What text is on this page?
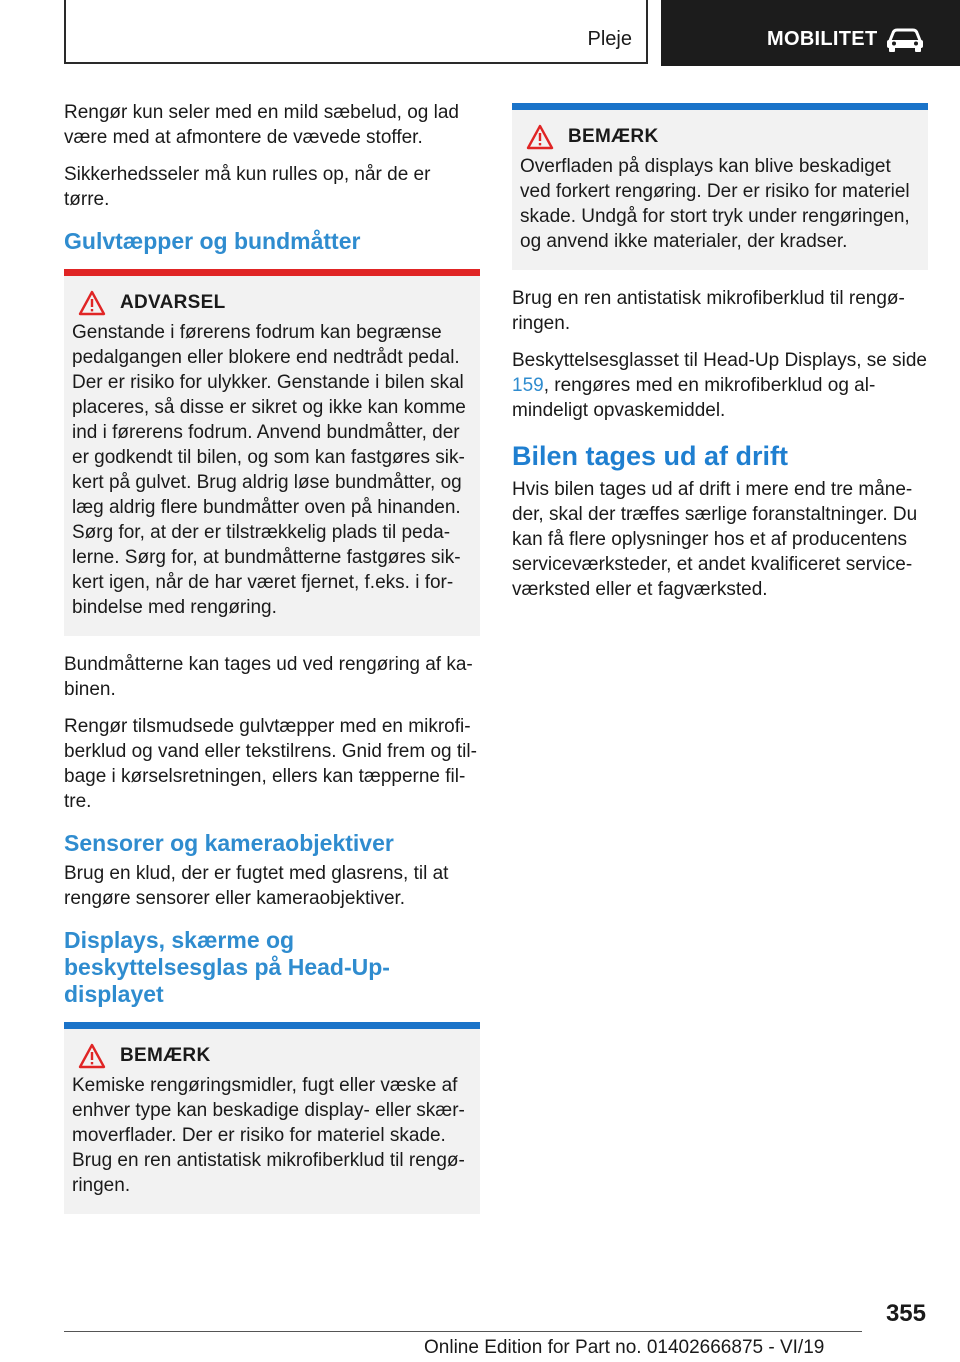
Pleje	MOBILITET

Rengør kun seler med en mild sæbelud, og lad være med at afmontere de vævede stoffer.

Sikkerhedsseler må kun rulles op, når de er tørre.

Gulvtæpper og bundmåtter
ADVARSEL

Genstande i førerens fodrum kan begrænse pedalgangen eller blokere end nedtrådt pedal. Der er risiko for ulykker. Genstande i bilen skal placeres, så disse er sikret og ikke kan komme ind i førerens fodrum. Anvend bundmåtter, der er godkendt til bilen, og som kan fastgøres sikkert på gulvet. Brug aldrig løse bundmåtter, og læg aldrig flere bundmåtter oven på hinanden. Sørg for, at der er tilstrækkelig plads til pedalerne. Sørg for, at bundmåtterne fastgøres sikkert igen, når de har været fjernet, f.eks. i forbindelse med rengøring.

Bundmåtterne kan tages ud ved rengøring af kabinen.

Rengør tilsmudsede gulvtæpper med en mikrofiberklud og vand eller tekstilrens. Gnid frem og tilbage i kørselsretningen, ellers kan tæpperne filtre.

Sensorer og kameraobjektiver

Brug en klud, der er fugtet med glasrens, til at rengøre sensorer eller kameraobjektiver.

Displays, skærme og beskyttelsesglas på Head-Up-displayet
BEMÆRK

Kemiske rengøringsmidler, fugt eller væske af enhver type kan beskadige display- eller skærmoverflader. Der er risiko for materiel skade. Brug en ren antistatisk mikrofiberklud til rengøringen.

BEMÆRK

Overfladen på displays kan blive beskadiget ved forkert rengøring. Der er risiko for materiel skade. Undgå for stort tryk under rengøringen, og anvend ikke materialer, der kradser.

Brug en ren antistatisk mikrofiberklud til rengøringen.

Beskyttelsesglasset til Head-Up Displays, se side 159, rengøres med en mikrofiberklud og almindeligt opvaskemiddel.

Bilen tages ud af drift

Hvis bilen tages ud af drift i mere end tre måneder, skal der træffes særlige foranstaltninger. Du kan få flere oplysninger hos et af producentens serviceværksteder, et andet kvalificeret serviceværksted eller et fagværksted.

355
Online Edition for Part no. 01402666875 - VI/19
